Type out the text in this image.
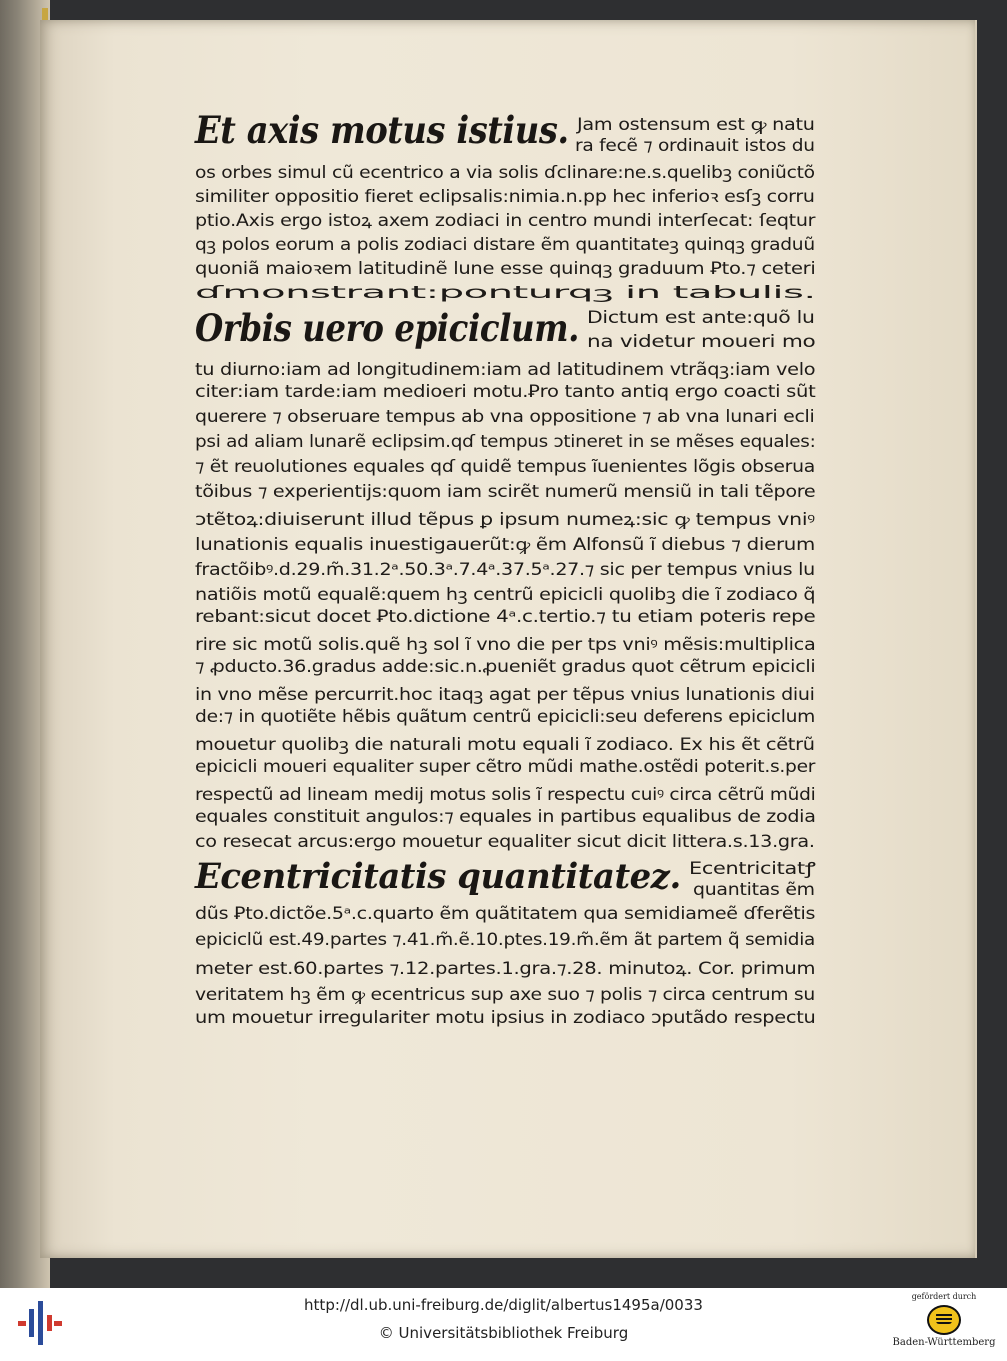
Et axis motus istius. Jam ostensum est ꝙ natu
ra fecẽ ⁊ ordinauit istos du
os orbes simul cũ ecentrico a via solis ɗclinare:ne.s.quelibꝫ coniũctõ
similiter oppositio fieret eclipsalis:nimia.n.pp hec inferioꝛ esſꝫ corru
ptio.Axis ergo istoꝝ axem zodiaci in centro mundi interſecat: ſeqtur
qꝫ polos eorum a polis zodiaci distare ẽm quantitateꝫ quinqꝫ graduũ
quoniã maioꝛem latitudinẽ lune esse quinqꝫ graduum Ꝑto.⁊ ceteri
ɗmonstrant:ponturqꝫ in tabulis.
Orbis uero epiciclum. Dictum est ante:quõ lu
na videtur moueri mo
tu diurno:iam ad longitudinem:iam ad latitudinem vtrãqꝫ:iam velo
citer:iam tarde:iam medioeri motu.Ꝑro tanto antiq ergo coacti sũt
querere ⁊ obseruare tempus ab vna oppositione ⁊ ab vna lunari ecli
psi ad aliam lunarẽ eclipsim.qɗ tempus ↄtineret in se mẽses equales:
⁊ ẽt reuolutiones equales qɗ quidẽ tempus ĩuenientes lõgis obserua
tõibus ⁊ experientijs:quom iam scirẽt numerũ mensiũ in tali tẽpore
ↄtẽtoꝝ:diuiserunt illud tẽpus ꝑ ipsum numeꝝ:sic ꝙ tempus vniꝰ
lunationis equalis inuestigauerũt:ꝙ ẽm Alfonsũ ĩ diebus ⁊ dierum
fractõibꝰ.d.29.m̃.31.2ᵃ.50.3ᵃ.7.4ᵃ.37.5ᵃ.27.⁊ sic per tempus vnius lu
natiõis motũ equalẽ:quem hꝫ centrũ epicicli quolibꝫ die ĩ zodiaco q̃
rebant:sicut docet Ꝑto.dictione 4ᵃ.c.tertio.⁊ tu etiam poteris repe
rire sic motũ solis.quẽ hꝫ sol ĩ vno die per tps vniꝰ mẽsis:multiplica
⁊ ꝓducto.36.gradus adde:sic.n.ꝓueniẽt gradus quot cẽtrum epicicli
in vno mẽse percurrit.hoc itaqꝫ agat per tẽpus vnius lunationis diui
de:⁊ in quotiẽte hẽbis quãtum centrũ epicicli:seu deferens epiciclum
mouetur quolibꝫ die naturali motu equali ĩ zodiaco. Ex his ẽt cẽtrũ
epicicli moueri equaliter super cẽtro mũdi mathe.ostẽdi poterit.s.per
respectũ ad lineam medij motus solis ĩ respectu cuiꝰ circa cẽtrũ mũdi
equales constituit angulos:⁊ equales in partibus equalibus de zodia
co resecat arcus:ergo mouetur equaliter sicut dicit littera.s.13.gra.
Ecentricitatis quantitatez. Ecentricitatꝭ
quantitas ẽm
dũs Ꝑto.dictõe.5ᵃ.c.quarto ẽm quãtitatem qua semidiameẽ ɗferẽtis
epiciclũ est.49.partes ⁊.41.m̃.ẽ.10.ptes.19.m̃.ẽm ãt partem q̃ semidia
meter est.60.partes ⁊.12.partes.1.gra.⁊.28. minutoꝝ. Cor. primum
veritatem hꝫ ẽm ꝙ ecentricus sup axe suo ⁊ polis ⁊ circa centrum su
um mouetur irregulariter motu ipsius in zodiaco ↄputãdo respectu
http://dl.ub.uni-freiburg.de/diglit/albertus1495a/0033
© Universitätsbibliothek Freiburg
gefördert durch
Baden-Württemberg
